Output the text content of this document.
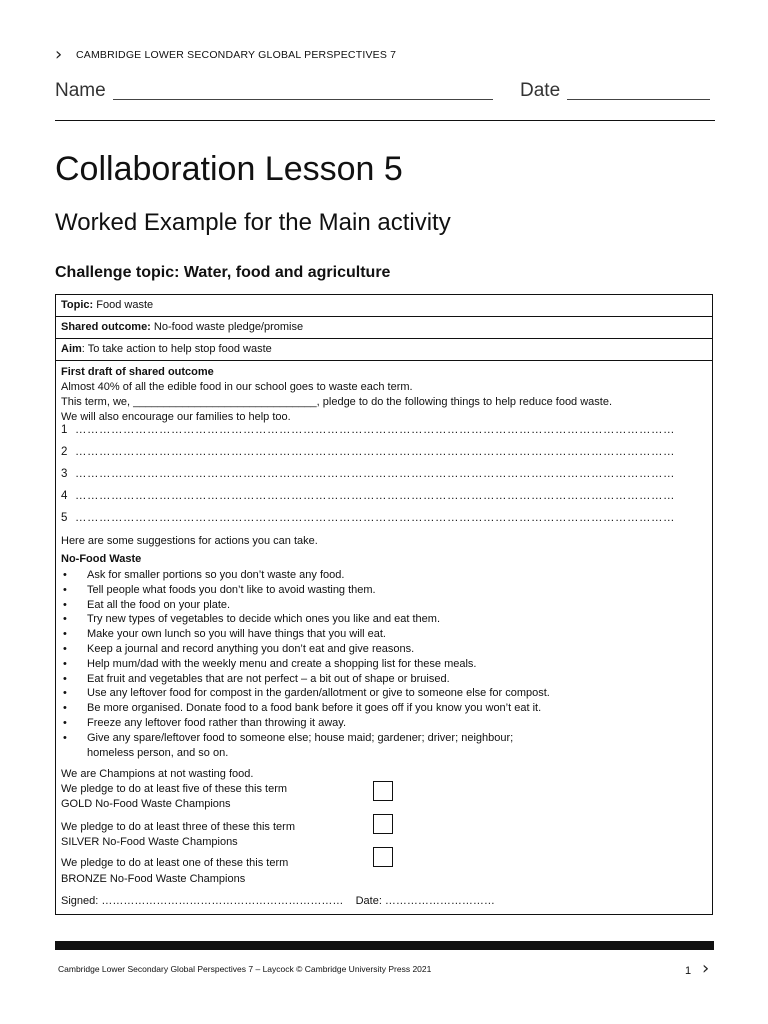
› CAMBRIDGE LOWER SECONDARY GLOBAL PERSPECTIVES 7
Name	Date
Collaboration Lesson 5
Worked Example for the Main activity
Challenge topic: Water, food and agriculture
Topic: Food waste
Shared outcome: No-food waste pledge/promise
Aim: To take action to help stop food waste
First draft of shared outcome
Almost 40% of all the edible food in our school goes to waste each term.
This term, we, ______________________________, pledge to do the following things to help reduce food waste.
We will also encourage our families to help too.
1 ……………………………………………………………………………………………………………………………………
2 ……………………………………………………………………………………………………………………………………
3 ……………………………………………………………………………………………………………………………………
4 ……………………………………………………………………………………………………………………………………
5 ……………………………………………………………………………………………………………………………………
Here are some suggestions for actions you can take.
No-Food Waste
• Ask for smaller portions so you don’t waste any food.
• Tell people what foods you don’t like to avoid wasting them.
• Eat all the food on your plate.
• Try new types of vegetables to decide which ones you like and eat them.
• Make your own lunch so you will have things that you will eat.
• Keep a journal and record anything you don’t eat and give reasons.
• Help mum/dad with the weekly menu and create a shopping list for these meals.
• Eat fruit and vegetables that are not perfect – a bit out of shape or bruised.
• Use any leftover food for compost in the garden/allotment or give to someone else for compost.
• Be more organised. Donate food to a food bank before it goes off if you know you won’t eat it.
• Freeze any leftover food rather than throwing it away.
• Give any spare/leftover food to someone else; house maid; gardener; driver; neighbour; homeless person, and so on.
We are Champions at not wasting food.
We pledge to do at least five of these this term
GOLD No-Food Waste Champions
We pledge to do at least three of these this term
SILVER No-Food Waste Champions
We pledge to do at least one of these this term
BRONZE No-Food Waste Champions
Signed: …………………………………………………………    Date: …………………………
Cambridge Lower Secondary Global Perspectives 7 – Laycock © Cambridge University Press 2021	1 ›
